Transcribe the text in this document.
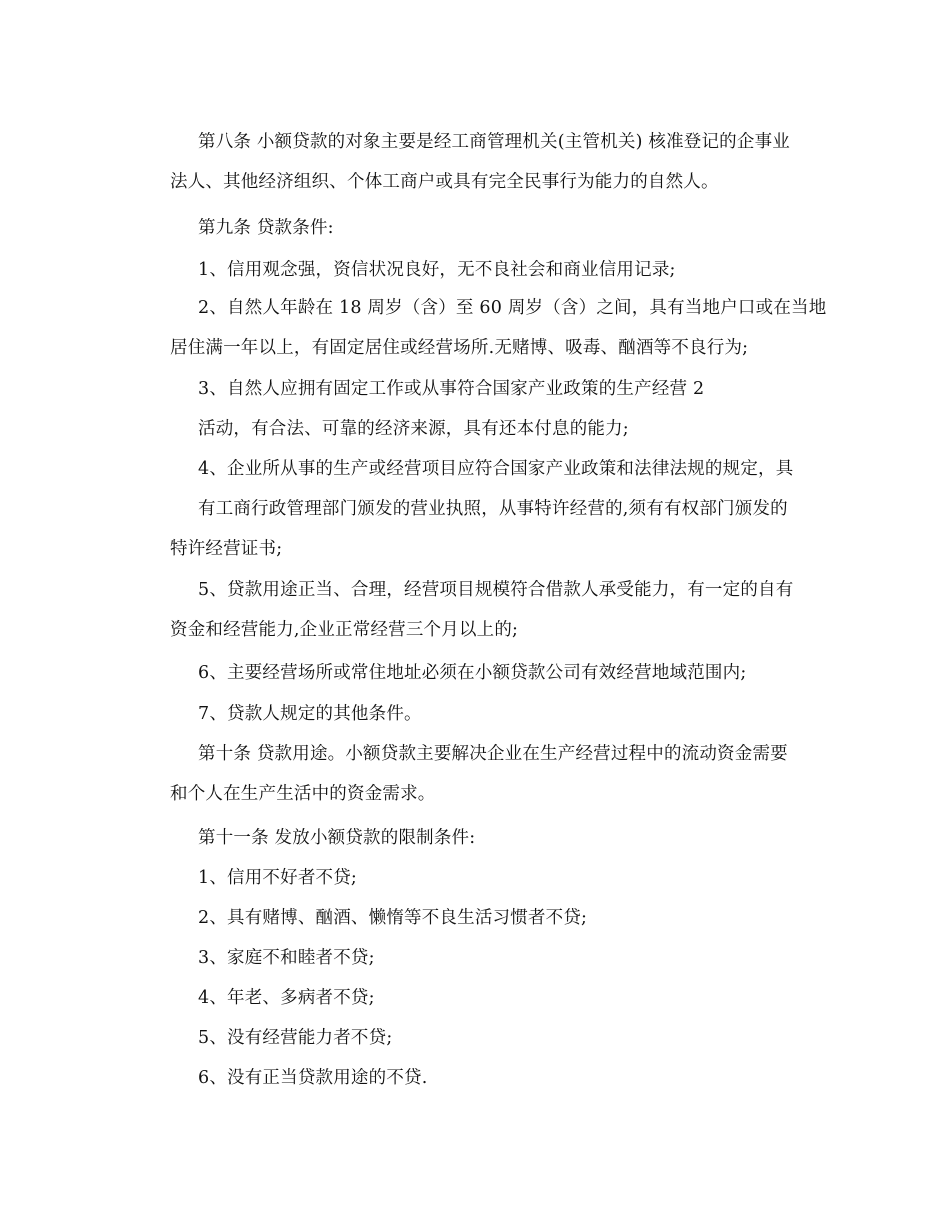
第八条 小额贷款的对象主要是经工商管理机关(主管机关) 核准登记的企事业
法人、其他经济组织、个体工商户或具有完全民事行为能力的自然人。

第九条 贷款条件:

1、信用观念强，资信状况良好，无不良社会和商业信用记录;

2、自然人年龄在 18 周岁（含）至 60 周岁（含）之间，具有当地户口或在当地
居住满一年以上，有固定居住或经营场所.无赌博、吸毒、酗酒等不良行为;

3、自然人应拥有固定工作或从事符合国家产业政策的生产经营 2

活动，有合法、可靠的经济来源，具有还本付息的能力;

4、企业所从事的生产或经营项目应符合国家产业政策和法律法规的规定，具
有工商行政管理部门颁发的营业执照，从事特许经营的,须有有权部门颁发的
特许经营证书;

5、贷款用途正当、合理，经营项目规模符合借款人承受能力，有一定的自有
资金和经营能力,企业正常经营三个月以上的;

6、主要经营场所或常住地址必须在小额贷款公司有效经营地域范围内;

7、贷款人规定的其他条件。

第十条 贷款用途。小额贷款主要解决企业在生产经营过程中的流动资金需要
和个人在生产生活中的资金需求。

第十一条 发放小额贷款的限制条件:

1、信用不好者不贷;

2、具有赌博、酗酒、懒惰等不良生活习惯者不贷;

3、家庭不和睦者不贷;

4、年老、多病者不贷;

5、没有经营能力者不贷;

6、没有正当贷款用途的不贷.
